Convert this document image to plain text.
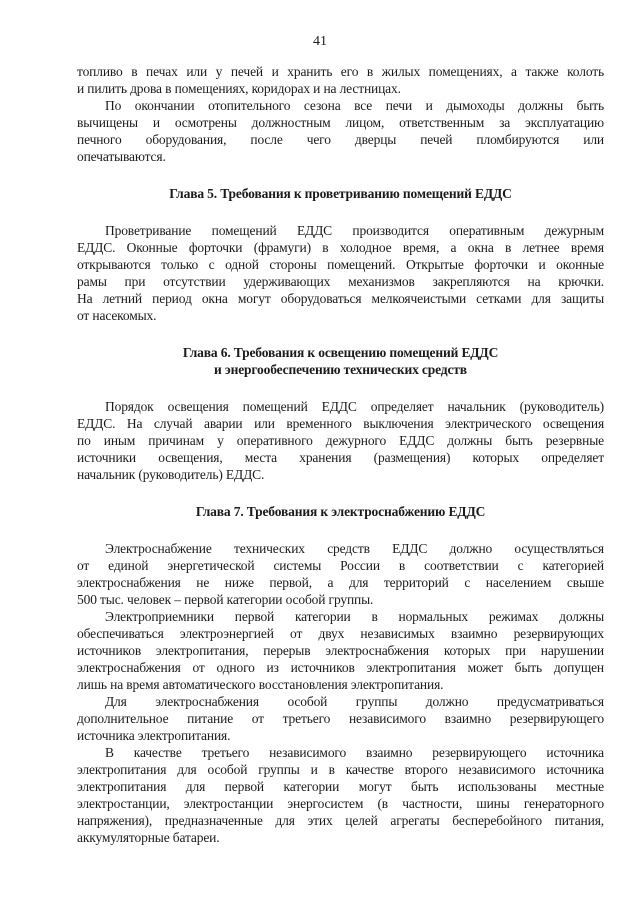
41
топливо в печах или у печей и хранить его в жилых помещениях, а также колоть
и пилить дрова в помещениях, коридорах и на лестницах.
По окончании отопительного сезона все печи и дымоходы должны быть
вычищены и осмотрены должностным лицом, ответственным за эксплуатацию
печного оборудования, после чего дверцы печей пломбируются или
опечатываются.
Глава 5. Требования к проветриванию помещений ЕДДС
Проветривание помещений ЕДДС производится оперативным дежурным
ЕДДС. Оконные форточки (фрамуги) в холодное время, а окна в летнее время
открываются только с одной стороны помещений. Открытые форточки и оконные
рамы при отсутствии удерживающих механизмов закрепляются на крючки.
На летний период окна могут оборудоваться мелкоячеистыми сетками для защиты
от насекомых.
Глава 6. Требования к освещению помещений ЕДДС
и энергообеспечению технических средств
Порядок освещения помещений ЕДДС определяет начальник (руководитель)
ЕДДС. На случай аварии или временного выключения электрического освещения
по иным причинам у оперативного дежурного ЕДДС должны быть резервные
источники освещения, места хранения (размещения) которых определяет
начальник (руководитель) ЕДДС.
Глава 7. Требования к электроснабжению ЕДДС
Электроснабжение технических средств ЕДДС должно осуществляться
от единой энергетической системы России в соответствии с категорией
электроснабжения не ниже первой, а для территорий с населением свыше
500 тыс. человек – первой категории особой группы.
Электроприемники первой категории в нормальных режимах должны
обеспечиваться электроэнергией от двух независимых взаимно резервирующих
источников электропитания, перерыв электроснабжения которых при нарушении
электроснабжения от одного из источников электропитания может быть допущен
лишь на время автоматического восстановления электропитания.
Для электроснабжения особой группы должно предусматриваться
дополнительное питание от третьего независимого взаимно резервирующего
источника электропитания.
В качестве третьего независимого взаимно резервирующего источника
электропитания для особой группы и в качестве второго независимого источника
электропитания для первой категории могут быть использованы местные
электростанции, электростанции энергосистем (в частности, шины генераторного
напряжения), предназначенные для этих целей агрегаты бесперебойного питания,
аккумуляторные батареи.
